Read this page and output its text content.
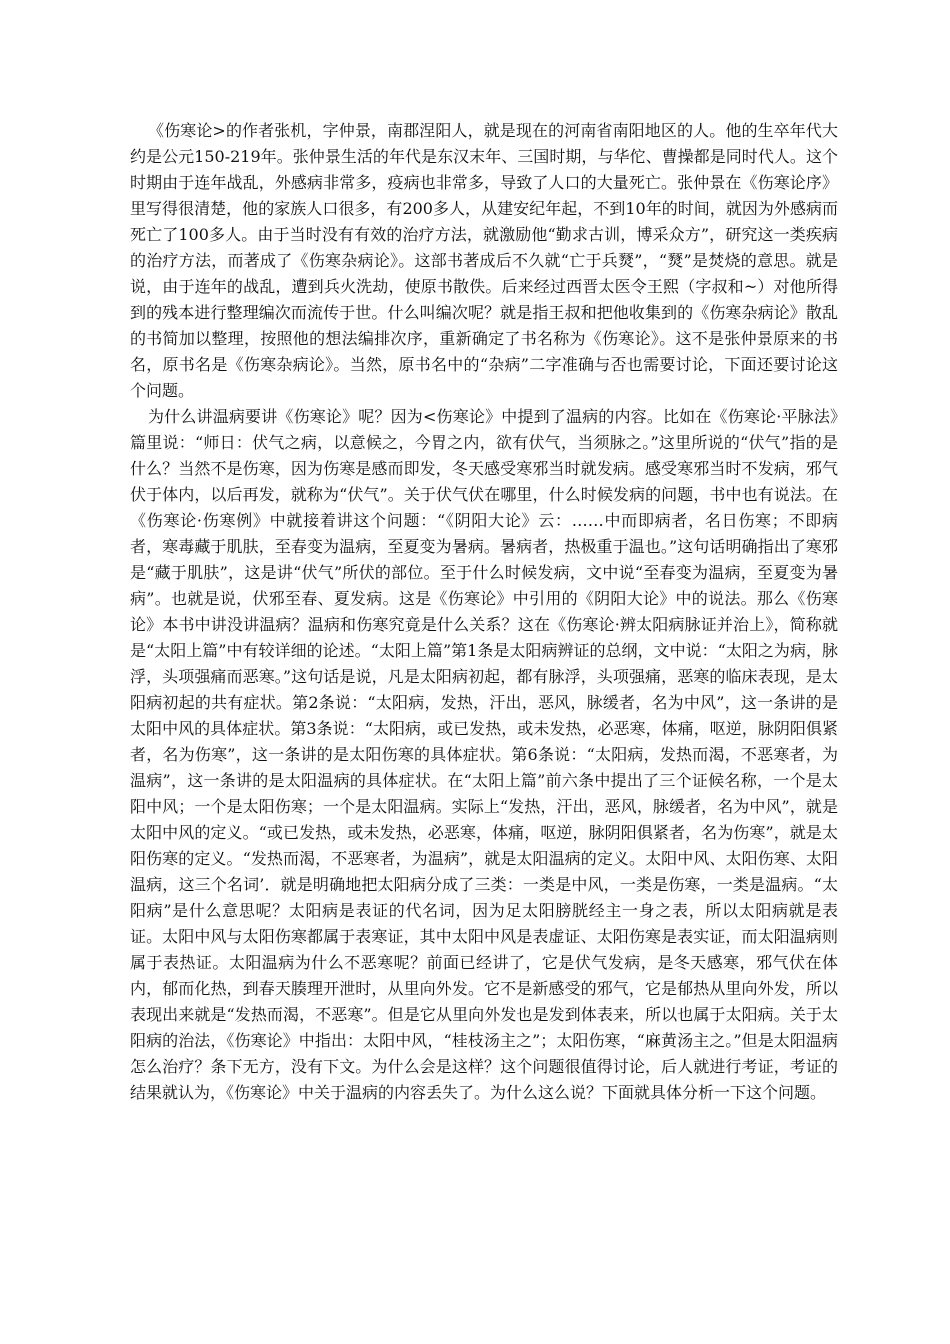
《伤寒论>的作者张机，字仲景，南郡涅阳人，就是现在的河南省南阳地区的人。他的生卒年代大约是公元150-219年。张仲景生活的年代是东汉末年、三国时期，与华佗、曹操都是同时代人。这个时期由于连年战乱，外感病非常多，疫病也非常多，导致了人口的大量死亡。张仲景在《伤寒论序》里写得很清楚，他的家族人口很多，有200多人，从建安纪年起，不到10年的时间，就因为外感病而死亡了100多人。由于当时没有有效的治疗方法，就激励他“勤求古训，博采众方”，研究这一类疾病的治疗方法，而著成了《伤寒杂病论》。这部书著成后不久就“亡于兵燹”，“燹”是焚烧的意思。就是说，由于连年的战乱，遭到兵火洗劫，使原书散佚。后来经过西晋太医令王熙（字叔和~）对他所得到的残本进行整理编次而流传于世。什么叫编次呢？就是指王叔和把他收集到的《伤寒杂病论》散乱的书简加以整理，按照他的想法编排次序，重新确定了书名称为《伤寒论》。这不是张仲景原来的书名，原书名是《伤寒杂病论》。当然，原书名中的“杂病”二字准确与否也需要讨论，下面还要讨论这个问题。

为什么讲温病要讲《伤寒论》呢？因为<伤寒论》中提到了温病的内容。比如在《伤寒论·平脉法》篇里说：“师日：伏气之病，以意候之，今胃之内，欲有伏气，当须脉之。”这里所说的“伏气”指的是什么？当然不是伤寒，因为伤寒是感而即发，冬天感受寒邪当时就发病。感受寒邪当时不发病，邪气伏于体内，以后再发，就称为“伏气”。关于伏气伏在哪里，什么时候发病的问题，书中也有说法。在《伤寒论·伤寒例》中就接着讲这个问题：“《阴阳大论》云：……中而即病者，名日伤寒；不即病者，寒毒藏于肌肤，至春变为温病，至夏变为暑病。暑病者，热极重于温也。”这句话明确指出了寒邪是“藏于肌肤”，这是讲“伏气”所伏的部位。至于什么时候发病，文中说“至春变为温病，至夏变为暑病”。也就是说，伏邪至春、夏发病。这是《伤寒论》中引用的《阴阳大论》中的说法。那么《伤寒论》本书中讲没讲温病？温病和伤寒究竟是什么关系？这在《伤寒论·辨太阳病脉证并治上》，简称就是“太阳上篇”中有较详细的论述。“太阳上篇”第1条是太阳病辨证的总纲，文中说：“太阳之为病，脉浮，头项强痛而恶寒。”这句话是说，凡是太阳病初起，都有脉浮，头项强痛，恶寒的临床表现，是太阳病初起的共有症状。第2条说：“太阳病，发热，汗出，恶风，脉缓者，名为中风”，这一条讲的是太阳中风的具体症状。第3条说：“太阳病，或已发热，或未发热，必恶寒，体痛，呕逆，脉阴阳俱紧者，名为伤寒”，这一条讲的是太阳伤寒的具体症状。第6条说：“太阳病，发热而渴，不恶寒者，为温病”，这一条讲的是太阳温病的具体症状。在“太阳上篇”前六条中提出了三个证候名称，一个是太阳中风；一个是太阳伤寒；一个是太阳温病。实际上“发热，汗出，恶风，脉缓者，名为中风”，就是太阳中风的定义。“或已发热，或未发热，必恶寒，体痛，呕逆，脉阴阳俱紧者，名为伤寒”，就是太阳伤寒的定义。“发热而渴，不恶寒者，为温病”，就是太阳温病的定义。太阳中风、太阳伤寒、太阳温病，这三个名词’．就是明确地把太阳病分成了三类：一类是中风，一类是伤寒，一类是温病。“太阳病”是什么意思呢？太阳病是表证的代名词，因为足太阳膀胱经主一身之表，所以太阳病就是表证。太阳中风与太阳伤寒都属于表寒证，其中太阳中风是表虚证、太阳伤寒是表实证，而太阳温病则属于表热证。太阳温病为什么不恶寒呢？前面已经讲了，它是伏气发病，是冬天感寒，邪气伏在体内，郁而化热，到春天腠理开泄时，从里向外发。它不是新感受的邪气，它是郁热从里向外发，所以表现出来就是“发热而渴，不恶寒”。但是它从里向外发也是发到体表来，所以也属于太阳病。关于太阳病的治法，《伤寒论》中指出：太阳中风，“桂枝汤主之”；太阳伤寒，“麻黄汤主之。”但是太阳温病怎么治疗？条下无方，没有下文。为什么会是这样？这个问题很值得讨论，后人就进行考证，考证的结果就认为，《伤寒论》中关于温病的内容丢失了。为什么这么说？下面就具体分析一下这个问题。
